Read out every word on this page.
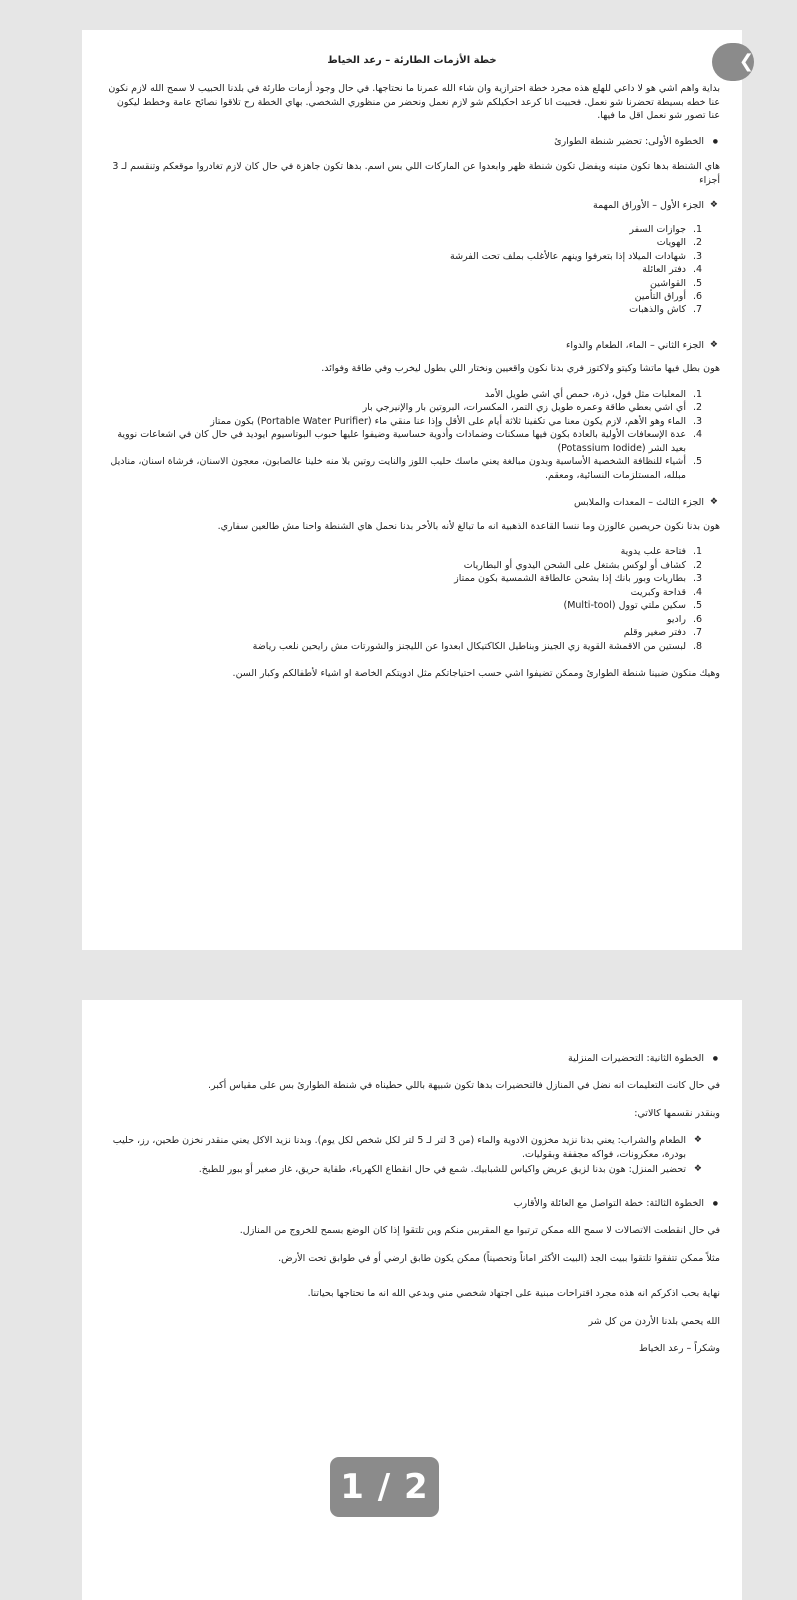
خطة الأزمات الطارئة – رعد الخياط

بداية واهم اشي هو لا داعي للهلع هذه مجرد خطة احترازية وان شاء الله عمرنا ما نحتاجها. في حال وجود أزمات طارئة في بلدنا الحبيب لا سمح الله لازم نكون عنا خطه بسيطة تحضرنا شو نعمل. فحبيت انا كرعد احكيلكم شو لازم نعمل ونحضر من منظوري الشخصي. بهاي الخطة رح تلاقوا نصائح عامة وخطط ليكون عنا تصور شو نعمل اقل ما فيها.

● الخطوة الأولى: تحضير شنطة الطوارئ

هاي الشنطة بدها تكون متينه ويفضل تكون شنطة ظهر وابعدوا عن الماركات اللي بس اسم. بدها تكون جاهزة في حال كان لازم تغادروا موقعكم وتنقسم لـ 3 أجزاء

❖ الجزء الأول – الأوراق المهمة

1. جوازات السفر
2. الهويات
3. شهادات الميلاد إذا بتعرفوا وينهم عالأغلب بملف تحت الفرشة
4. دفتر العائلة
5. القواشين
6. أوراق التأمين
7. كاش والذهبات

❖ الجزء الثاني – الماء، الطعام والدواء

هون بطل فيها ماتشا وكيتو ولاكتوز فري بدنا نكون واقعيين ونختار اللي بطول ليخرب وفي طاقة وفوائد.

1. المعلبات مثل فول، ذرة، حمص أي اشي طويل الأمد
2. أي اشي بعطي طاقة وعمره طويل زي التمر، المكسرات، البروتين بار والإنيرجي بار
3. الماء وهو الأهم، لازم يكون معنا مي تكفينا ثلاثة أيام على الأقل وإذا عنا منقي ماء (Portable Water Purifier) بكون ممتاز
4. عدة الإسعافات الأولية بالعادة بكون فيها مسكنات وضمادات وأدوية حساسية وضيفوا عليها حبوب البوتاسيوم ايوديد في حال كان في اشعاعات نووية بعيد الشر (Potassium Iodide)
5. أشياء للنظافة الشخصية الأساسية وبدون مبالغة يعني ماسك حليب اللوز والنايت روتين بلا منه خلينا عالصابون، معجون الاسنان، فرشاة اسنان، مناديل مبلله، المستلزمات النسائية، ومعقم.

❖ الجزء الثالث – المعدات والملابس

هون بدنا نكون حريصين عالوزن وما ننسا القاعدة الذهبية انه ما تبالغ لأنه بالأخر بدنا نحمل هاي الشنطة واحنا مش طالعين سفاري.

1. فتاحة علب يدوية
2. كشاف أو لوكس بشتغل على الشحن اليدوي أو البطاريات
3. بطاريات وبور بانك إذا بشحن عالطاقة الشمسية بكون ممتاز
4. قداحة وكبريت
5. سكين ملتي توول (Multi-tool)
6. راديو
7. دفتر صغير وقلم
8. لبستين من الاقمشة القوية زي الجينز وبناطيل الكاكتيكال ابعدوا عن الليجنز والشورتات مش رايحين نلعب رياضة

وهيك منكون ضبينا شنطة الطوارئ وممكن تضيفوا اشي حسب احتياجاتكم مثل ادويتكم الخاصة او اشياء لأطفالكم وكبار السن.

❯

● الخطوة الثانية: التحضيرات المنزلية

في حال كانت التعليمات انه نضل في المنازل فالتحضيرات بدها تكون شبيهة باللي حطيناه في شنطة الطوارئ بس على مقياس أكبر.

وبنقدر نقسمها كالاتي:

❖ الطعام والشراب: يعني بدنا نزيد مخزون الادوية والماء (من 3 لتر لـ 5 لتر لكل شخص لكل يوم). وبدنا نزيد الاكل يعني منقدر نخزن طحين، رز، حليب بودرة، معكرونات، فواكه مجففة وبقوليات.
❖ تحضير المنزل: هون بدنا لزيق عريض واكياس للشبابيك. شمع في حال انقطاع الكهرباء، طفاية حريق، غاز صغير أو ببور للطبخ.

● الخطوة الثالثة: خطة التواصل مع العائلة والأقارب

في حال انقطعت الاتصالات لا سمح الله ممكن ترتبوا مع المقربين منكم وين تلتقوا إذا كان الوضع بسمح للخروج من المنازل.

مثلاً ممكن تتفقوا تلتقوا ببيت الجد (البيت الأكثر اماناً وتحصيناً) ممكن يكون طابق ارضي أو في طوابق تحت الأرض.

نهاية بحب اذكركم انه هذه مجرد اقتراحات مبنية على اجتهاد شخصي مني وبدعي الله انه ما نحتاجها بحياتنا.

الله يحمي بلدنا الأردن من كل شر

وشكراً – رعد الخياط

1 / 2
